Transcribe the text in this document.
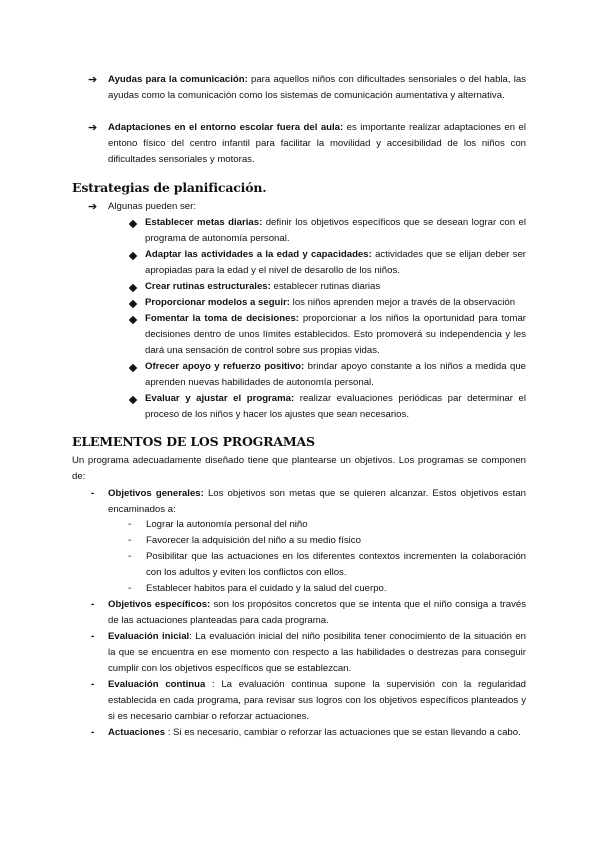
➔ Ayudas para la comunicación: para aquellos niños con dificultades sensoriales o del habla, las ayudas como la comunicación como los sistemas de comunicación aumentativa y alternativa.
➔ Adaptaciones en el entorno escolar fuera del aula: es importante realizar adaptaciones en el entono físico del centro infantil para facilitar la movilidad y accesibilidad de los niños con dificultades sensoriales y motoras.
Estrategias de planificación.
➔ Algunas pueden ser:
Establecer metas diarias: definir los objetivos específicos que se desean lograr con el programa de autonomía personal.
Adaptar las actividades a la edad y capacidades: actividades que se elijan deber ser apropiadas para la edad y el nivel de desarollo de los niños.
Crear rutinas estructurales: establecer rutinas diarias
Proporcionar modelos a seguir: los niños aprenden mejor a través de la observación
Fomentar la toma de decisiones: proporcionar a los niños la oportunidad para tomar decisiones dentro de unos límites establecidos. Esto promoverá su independencia y les dará una sensación de control sobre sus propias vidas.
Ofrecer apoyo y refuerzo positivo: brindar apoyo constante a los niños a medida que aprenden nuevas habilidades de autonomía personal.
Evaluar y ajustar el programa: realizar evaluaciones periódicas par determinar el proceso de los niños y hacer los ajustes que sean necesarios.
ELEMENTOS DE LOS PROGRAMAS
Un programa adecuadamente diseñado tiene que plantearse un objetivos. Los programas se componen de:
- Objetivos generales: Los objetivos son metas que se quieren alcanzar. Estos objetivos estan encaminados a:
- Lograr la autonomía personal del niño
- Favorecer la adquisición del niño a su medio físico
- Posibilitar que las actuaciones en los diferentes contextos incrementen la colaboración con los adultos y eviten los conflictos con ellos.
- Establecer habitos para el cuidado y la salud del cuerpo.
- Objetivos específicos: son los propósitos concretos que se intenta que el niño consiga a través de las actuaciones planteadas para cada programa.
- Evaluación inicial: La evaluación inicial del niño posibilita tener conocimiento de la situación en la que se encuentra en ese momento con respecto a las habilidades o destrezas para conseguir cumplir con los objetivos específicos que se establezcan.
- Evaluación continua : La evaluación continua supone la supervisión con la regularidad establecida en cada programa, para revisar sus logros con los objetivos específicos planteados y si es necesario cambiar o reforzar actuaciones.
- Actuaciones : Si es necesario, cambiar o reforzar las actuaciones que se estan llevando a cabo.
